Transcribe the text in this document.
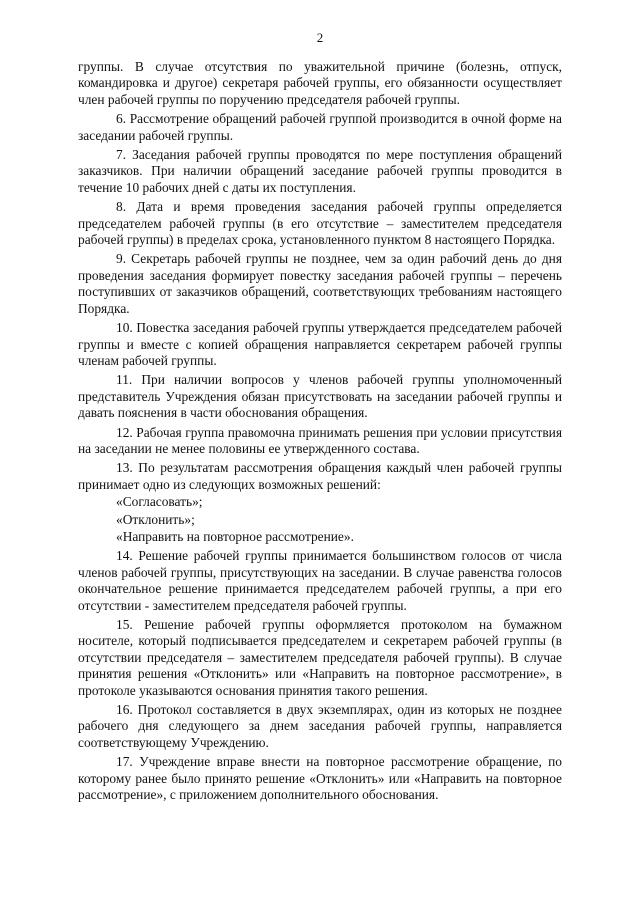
2

группы. В случае отсутствия по уважительной причине (болезнь, отпуск, командировка и другое) секретаря рабочей группы, его обязанности осуществляет член рабочей группы по поручению председателя рабочей группы.

6. Рассмотрение обращений рабочей группой производится в очной форме на заседании рабочей группы.

7. Заседания рабочей группы проводятся по мере поступления обращений заказчиков. При наличии обращений заседание рабочей группы проводится в течение 10 рабочих дней с даты их поступления.

8. Дата и время проведения заседания рабочей группы определяется председателем рабочей группы (в его отсутствие – заместителем председателя рабочей группы) в пределах срока, установленного пунктом 8 настоящего Порядка.

9. Секретарь рабочей группы не позднее, чем за один рабочий день до дня проведения заседания формирует повестку заседания рабочей группы – перечень поступивших от заказчиков обращений, соответствующих требованиям настоящего Порядка.

10. Повестка заседания рабочей группы утверждается председателем рабочей группы и вместе с копией обращения направляется секретарем рабочей группы членам рабочей группы.

11. При наличии вопросов у членов рабочей группы уполномоченный представитель Учреждения обязан присутствовать на заседании рабочей группы и давать пояснения в части обоснования обращения.

12. Рабочая группа правомочна принимать решения при условии присутствия на заседании не менее половины ее утвержденного состава.

13. По результатам рассмотрения обращения каждый член рабочей группы принимает одно из следующих возможных решений:

«Согласовать»;

«Отклонить»;

«Направить на повторное рассмотрение».

14. Решение рабочей группы принимается большинством голосов от числа членов рабочей группы, присутствующих на заседании. В случае равенства голосов окончательное решение принимается председателем рабочей группы, а при его отсутствии - заместителем председателя рабочей группы.

15. Решение рабочей группы оформляется протоколом на бумажном носителе, который подписывается председателем и секретарем рабочей группы (в отсутствии председателя – заместителем председателя рабочей группы). В случае принятия решения «Отклонить» или «Направить на повторное рассмотрение», в протоколе указываются основания принятия такого решения.

16. Протокол составляется в двух экземплярах, один из которых не позднее рабочего дня следующего за днем заседания рабочей группы, направляется соответствующему Учреждению.

17. Учреждение вправе внести на повторное рассмотрение обращение, по которому ранее было принято решение «Отклонить» или «Направить на повторное рассмотрение», с приложением дополнительного обоснования.
